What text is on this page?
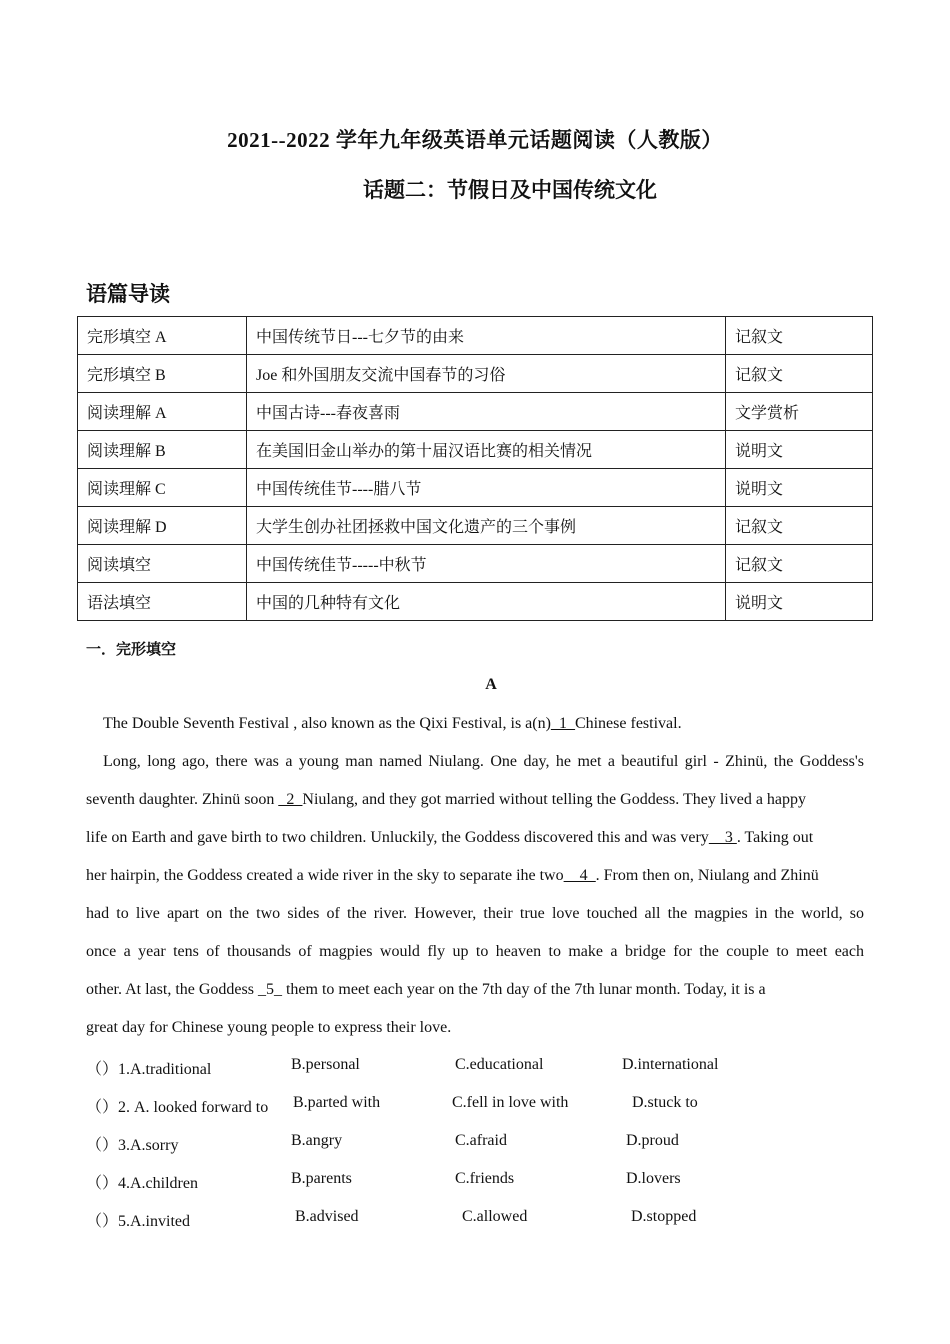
2021--2022 学年九年级英语单元话题阅读（人教版）
话题二：节假日及中国传统文化
语篇导读
完形填空 A	中国传统节日---七夕节的由来	记叙文
完形填空 B	Joe 和外国朋友交流中国春节的习俗	记叙文
阅读理解 A	中国古诗---春夜喜雨	文学赏析
阅读理解 B	在美国旧金山举办的第十届汉语比赛的相关情况	说明文
阅读理解 C	中国传统佳节----腊八节	说明文
阅读理解 D	大学生创办社团拯救中国文化遗产的三个事例	记叙文
阅读填空	中国传统佳节-----中秋节	记叙文
语法填空	中国的几种特有文化	说明文
一．完形填空
A
The Double Seventh Festival , also known as the Qixi Festival, is a(n)_1_Chinese festival.
Long, long ago, there was a young man named Niulang. One day, he met a beautiful girl - Zhinü, the Goddess's
seventh daughter. Zhinü soon _2_Niulang, and they got married without telling the Goddess. They lived a happy
life on Earth and gave birth to two children. Unluckily, the Goddess discovered this and was very    3 . Taking out
her hairpin, the Goddess created a wide river in the sky to separate ihe two    4_. From then on, Niulang and Zhinü
had to live apart on the two sides of the river. However, their true love touched all the magpies in the world, so
once a year tens of thousands of magpies would fly up to heaven to make a bridge for the couple to meet each
other. At last, the Goddess _5_ them to meet each year on the 7th day of the 7th lunar month. Today, it is a
great day for Chinese young people to express their love.
（）1.A.traditional	B.personal	C.educational	D.international
（）2. A. looked forward to B.parted with	C.fell in love with	D.stuck to
（）3.A.sorry	B.angry	C.afraid	D.proud
（）4.A.children	B.parents	C.friends	D.lovers
（）5.A.invited	B.advised	C.allowed	D.stopped
